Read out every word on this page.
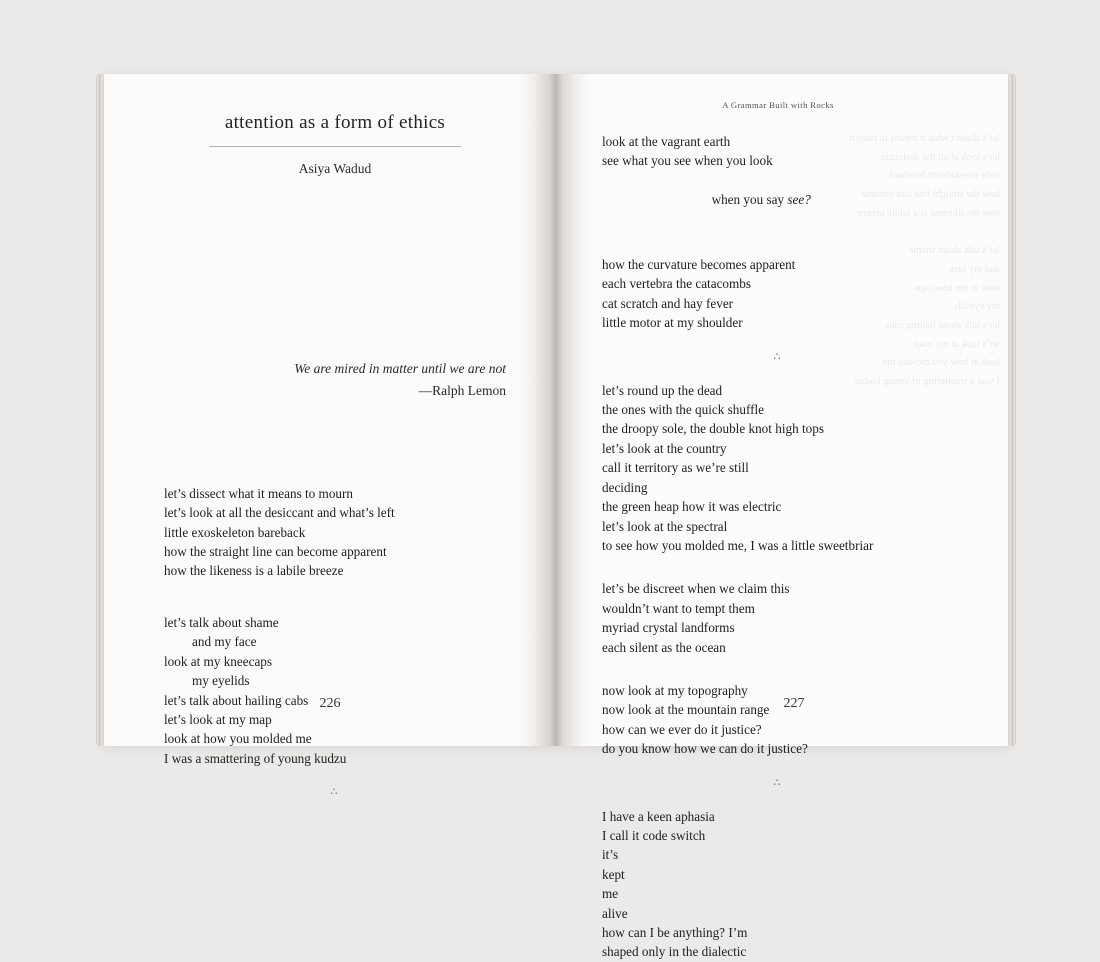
attention as a form of ethics

Asiya Wadud

We are mired in matter until we are not
—Ralph Lemon
let’s dissect what it means to mourn
let’s look at all the desiccant and what’s left
little exoskeleton bareback
how the straight line can become apparent
how the likeness is a labile breeze
let’s talk about shame
and my face
look at my kneecaps
my eyelids
let’s talk about hailing cabs
let’s look at my map
look at how you molded me
I was a smattering of young kudzu
∴
226
A Grammar Built with Rocks
look at the vagrant earth
see what you see when you look

when you say see?

how the curvature becomes apparent
each vertebra the catacombs
cat scratch and hay fever
little motor at my shoulder
∴
let’s round up the dead
the ones with the quick shuffle
the droopy sole, the double knot high tops
let’s look at the country
call it territory as we’re still
deciding
the green heap how it was electric
let’s look at the spectral
to see how you molded me, I was a little sweetbriar
let’s be discreet when we claim this
wouldn’t want to tempt them
myriad crystal landforms
each silent as the ocean
now look at my topography
now look at the mountain range
how can we ever do it justice?
do you know how we can do it justice?
∴
I have a keen aphasia
I call it code switch
it’s
kept
me
alive
how can I be anything? I’m
shaped only in the dialectic
let’s dissect what it means to mourn
let’s look at all the desiccant
little exoskeleton bareback
how the straight line can become
how the likeness is a labile breeze

let’s talk about shame
and my face
look at my kneecaps
my eyelids
let’s talk about hailing cabs
let’s look at my map
look at how you molded me
I was a smattering of young kudzu
227
